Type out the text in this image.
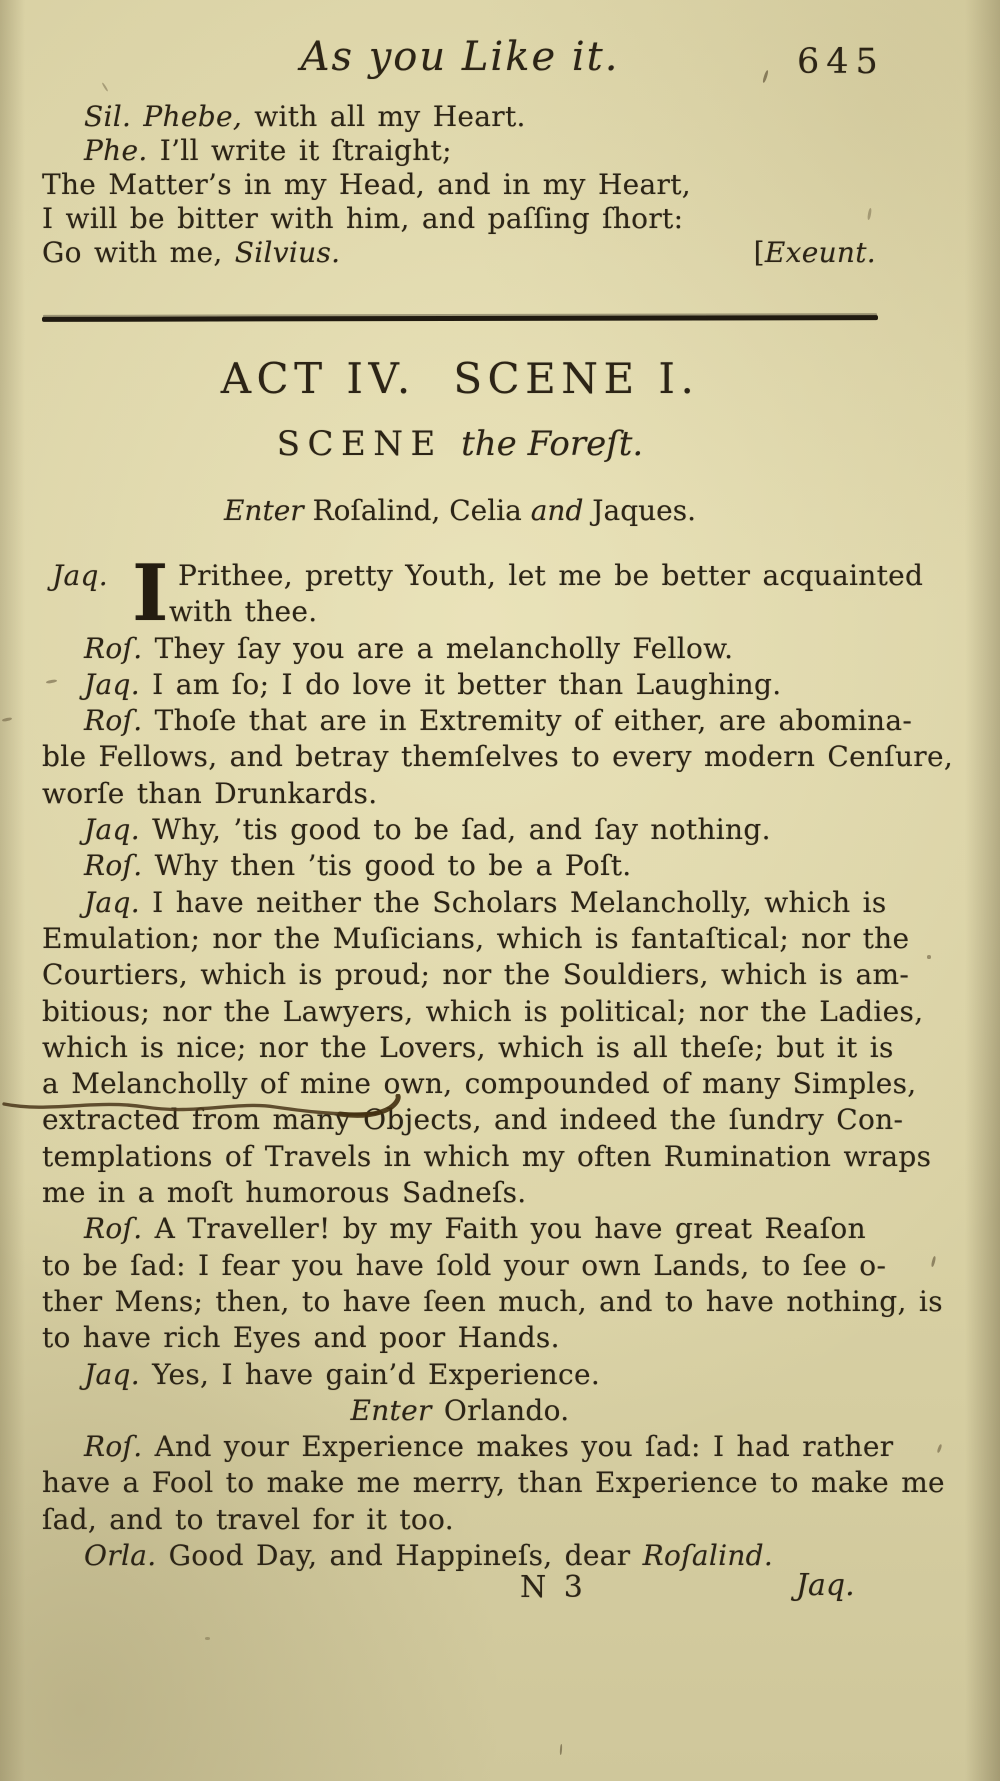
As you Like it.	645
Sil. Phebe, with all my Heart.
Phe. I’ll write it ſtraight;
The Matter’s in my Head, and in my Heart,
I will be bitter with him, and paſſing ſhort:
Go with me, Silvius.	[Exeunt.
ACT IV.  SCENE I.
SCENE the Foreſt.
Enter Roſalind, Celia and Jaques.
Jaq. I Prithee, pretty Youth, let me be better acquainted
with thee.
Roſ. They ſay you are a melancholly Fellow.
Jaq. I am ſo; I do love it better than Laughing.
Roſ. Thoſe that are in Extremity of either, are abomina-
ble Fellows, and betray themſelves to every modern Cenſure,
worſe than Drunkards.
Jaq. Why, ’tis good to be ſad, and ſay nothing.
Roſ. Why then ’tis good to be a Poſt.
Jaq. I have neither the Scholars Melancholly, which is
Emulation; nor the Muſicians, which is fantaſtical; nor the
Courtiers, which is proud; nor the Souldiers, which is am-
bitious; nor the Lawyers, which is political; nor the Ladies,
which is nice; nor the Lovers, which is all theſe; but it is
a Melancholly of mine own, compounded of many Simples,
extracted from many Objects, and indeed the ſundry Con-
templations of Travels in which my often Rumination wraps
me in a moſt humorous Sadneſs.
Roſ. A Traveller! by my Faith you have great Reaſon
to be ſad: I fear you have ſold your own Lands, to ſee o-
ther Mens; then, to have ſeen much, and to have nothing, is
to have rich Eyes and poor Hands.
Jaq. Yes, I have gain’d Experience.
Enter Orlando.
Roſ. And your Experience makes you ſad: I had rather
have a Fool to make me merry, than Experience to make me
ſad, and to travel for it too.
Orla. Good Day, and Happineſs, dear Roſalind.
N 3	Jaq.
